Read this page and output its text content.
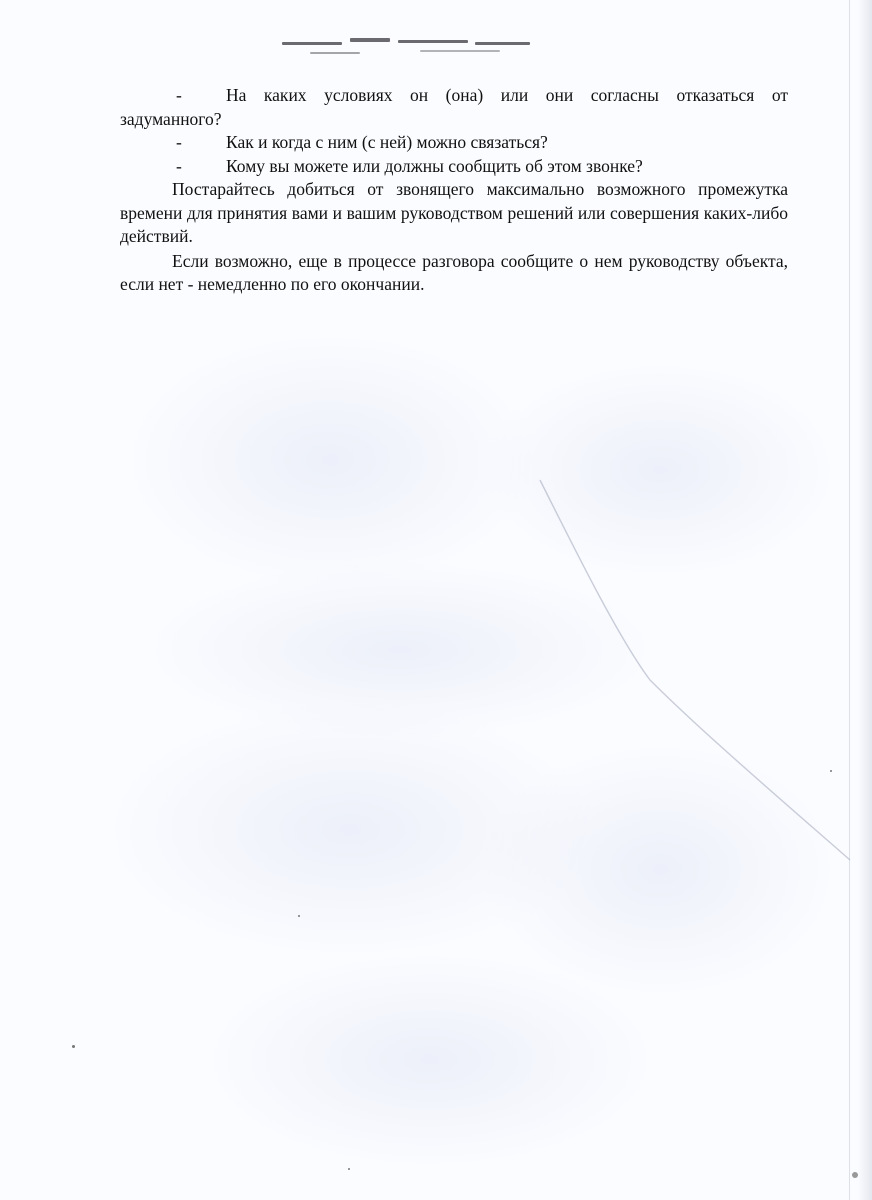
-	На каких условиях он (она) или они согласны отказаться от
задуманного?
-	Как и когда с ним (с ней) можно связаться?
-	Кому вы можете или должны сообщить об этом звонке?
Постарайтесь добиться от звонящего максимально возможного промежутка времени для принятия вами и вашим руководством решений или совершения каких-либо действий.
Если возможно, еще в процессе разговора сообщите о нем руководству объекта, если нет - немедленно по его окончании.
